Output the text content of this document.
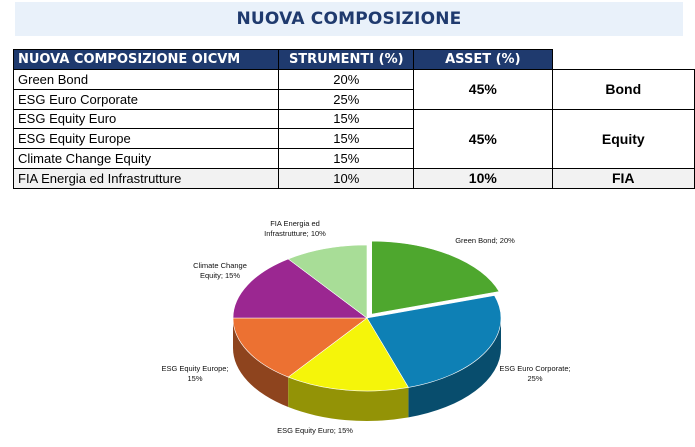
NUOVA COMPOSIZIONE
NUOVA COMPOSIZIONE OICVM	STRUMENTI (%)	ASSET (%)	
Green Bond	20%	45%	Bond
ESG Euro Corporate	25%		
ESG Equity Euro	15%	45%	Equity
ESG Equity Europe	15%		
Climate Change Equity	15%		
FIA Energia ed Infrastrutture	10%	10%	FIA
Green Bond; 20%
ESG Euro Corporate; 25%
ESG Equity Euro; 15%
ESG Equity Europe; 15%
Climate Change Equity; 15%
FIA Energia ed Infrastrutture; 10%
